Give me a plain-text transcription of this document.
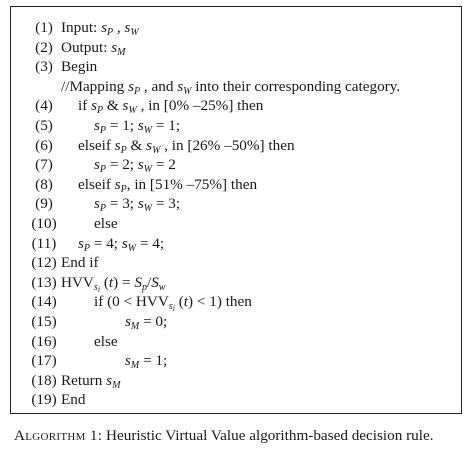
(1) Input: $s_P$ , $s_W$
(2) Output: $s_M$
(3) Begin
//Mapping $s_P$ , and $s_W$ into their corresponding category.
(4)	if $s_P$ & $s_W$ , in [0% –25%] then
(5)	$s_P = 1$; $s_W = 1$;
(6)	elseif $s_P$ & $s_W$ , in [26% –50%] then
(7)	$s_P = 2$; $s_W = 2$
(8)	elseif $s_P$, in [51% –75%] then
(9)	$s_P = 3$; $s_W = 3$;
(10)	else
(11)	$s_P = 4$; $s_W = 4$;
(12) End if
(13) $HVV_{s_i}$ $(t) = S_p/S_w$
(14)	if ($0 < HVV_{s_i}$ (t) < 1) then
(15)	$s_M = 0$;
(16)	else
(17)	$s_M = 1$;
(18) Return $s_M$
(19) End
Algorithm 1: Heuristic Virtual Value algorithm-based decision rule.
